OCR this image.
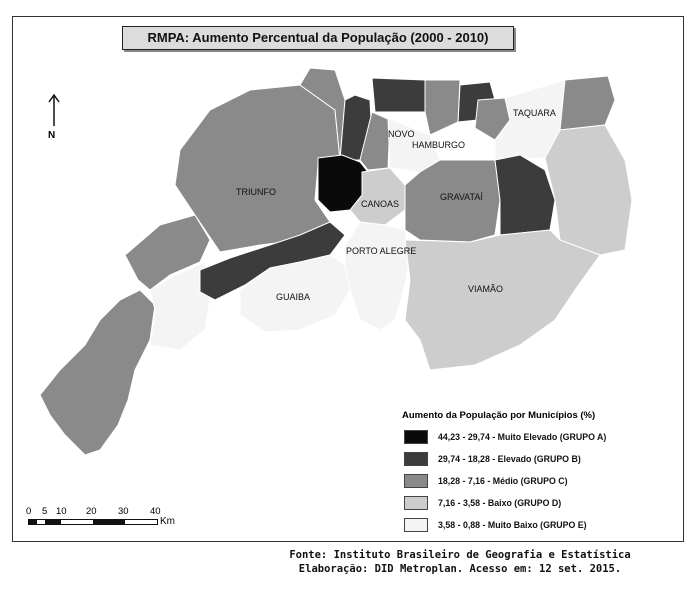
TRIUNFO
CANOAS
GRAVATAÍ
TAQUARA
NOVO
HAMBURGO
PORTO ALEGRE
GUAIBA
VIAMÃO
RMPA: Aumento Percentual da População (2000 - 2010)
N
Aumento da População por Municípios (%)
44,23 - 29,74 - Muito Elevado (GRUPO A)
29,74 - 18,28 - Elevado (GRUPO B)
18,28 - 7,16 - Médio (GRUPO C)
7,16 - 3,58 - Baixo (GRUPO D)
3,58 - 0,88 - Muito Baixo (GRUPO E)
0 5 10 20 30 40
Km
Fonte: Instituto Brasileiro de Geografia e Estatística
Elaboração: DID Metroplan. Acesso em: 12 set. 2015.
